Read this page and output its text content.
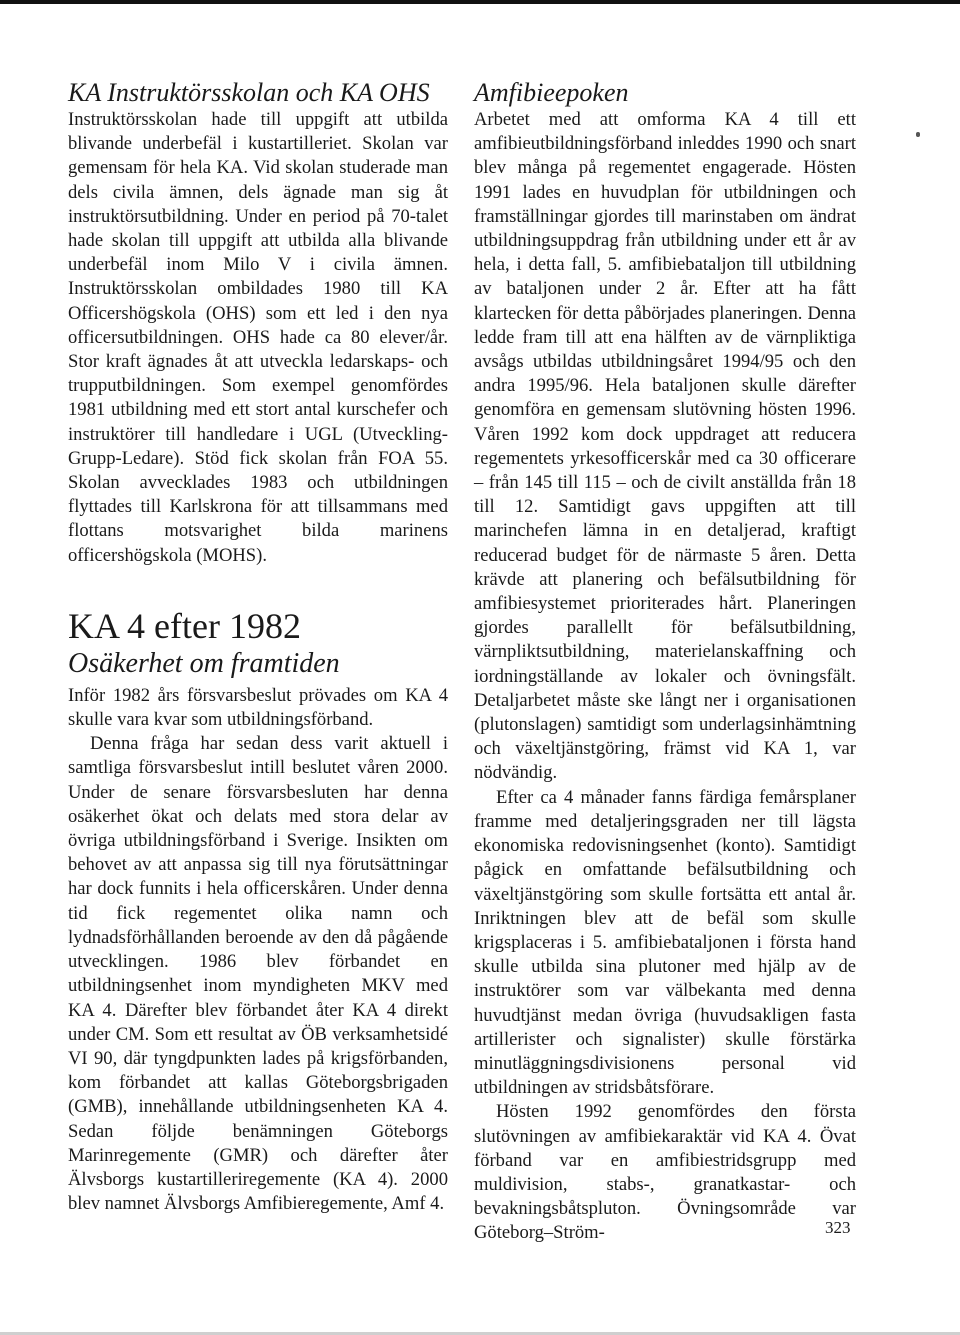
KA Instruktörsskolan och KA OHS

Instruktörsskolan hade till uppgift att utbilda blivande underbefäl i kustartilleriet. Skolan var gemensam för hela KA. Vid skolan studerade man dels civila ämnen, dels ägnade man sig åt instruktörsutbildning. Under en period på 70-talet hade skolan till uppgift att utbilda alla blivande underbefäl inom Milo V i civila ämnen. Instruktörsskolan ombildades 1980 till KA Officershögskola (OHS) som ett led i den nya officersutbildningen. OHS hade ca 80 elever/år. Stor kraft ägnades åt att utveckla ledarskaps- och trupputbildningen. Som exempel genomfördes 1981 utbildning med ett stort antal kurschefer och instruktörer till handledare i UGL (Utveckling-Grupp-Ledare). Stöd fick skolan från FOA 55. Skolan avvecklades 1983 och utbildningen flyttades till Karlskrona för att tillsammans med flottans motsvarighet bilda marinens officershögskola (MOHS).

KA 4 efter 1982
Osäkerhet om framtiden

Inför 1982 års försvarsbeslut prövades om KA 4 skulle vara kvar som utbildningsförband.

Denna fråga har sedan dess varit aktuell i samtliga försvarsbeslut intill beslutet våren 2000. Under de senare försvarsbesluten har denna osäkerhet ökat och delats med stora delar av övriga utbildningsförband i Sverige. Insikten om behovet av att anpassa sig till nya förutsättningar har dock funnits i hela officerskåren. Under denna tid fick regementet olika namn och lydnadsförhållanden beroende av den då pågående utvecklingen. 1986 blev förbandet en utbildningsenhet inom myndigheten MKV med KA 4. Därefter blev förbandet åter KA 4 direkt under CM. Som ett resultat av ÖB verksamhetsidé VI 90, där tyngdpunkten lades på krigsförbanden, kom förbandet att kallas Göteborgsbrigaden (GMB), innehållande utbildningsenheten KA 4. Sedan följde benämningen Göteborgs Marinregemente (GMR) och därefter åter Älvsborgs kustartilleriregemente (KA 4). 2000 blev namnet Älvsborgs Amfibieregemente, Amf 4.

Amfibieepoken

Arbetet med att omforma KA 4 till ett amfibieutbildningsförband inleddes 1990 och snart blev många på regementet engagerade. Hösten 1991 lades en huvudplan för utbildningen och framställningar gjordes till marinstaben om ändrat utbildningsuppdrag från utbildning under ett år av hela, i detta fall, 5. amfibiebataljon till utbildning av bataljonen under 2 år. Efter att ha fått klartecken för detta påbörjades planeringen. Denna ledde fram till att ena hälften av de värnpliktiga avsågs utbildas utbildningsåret 1994/95 och den andra 1995/96. Hela bataljonen skulle därefter genomföra en gemensam slutövning hösten 1996. Våren 1992 kom dock uppdraget att reducera regementets yrkesofficerskår med ca 30 officerare – från 145 till 115 – och de civilt anställda från 18 till 12. Samtidigt gavs uppgiften att till marinchefen lämna in en detaljerad, kraftigt reducerad budget för de närmaste 5 åren. Detta krävde att planering och befälsutbildning för amfibiesystemet prioriterades hårt. Planeringen gjordes parallellt för befälsutbildning, värnpliktsutbildning, materielanskaffning och iordningställande av lokaler och övningsfält. Detaljarbetet måste ske långt ner i organisationen (plutonslagen) samtidigt som underlagsinhämtning och växeltjänstgöring, främst vid KA 1, var nödvändig.

Efter ca 4 månader fanns färdiga femårsplaner framme med detaljeringsgraden ner till lägsta ekonomiska redovisningsenhet (konto). Samtidigt pågick en omfattande befälsutbildning och växeltjänstgöring som skulle fortsätta ett antal år. Inriktningen blev att de befäl som skulle krigsplaceras i 5. amfibiebataljonen i första hand skulle utbilda sina plutoner med hjälp av de instruktörer som var välbekanta med denna huvudtjänst medan övriga (huvudsakligen fasta artillerister och signalister) skulle förstärka minutläggningsdivisionens personal vid utbildningen av stridsbåtsförare.

Hösten 1992 genomfördes den första slutövningen av amfibiekaraktär vid KA 4. Övat förband var en amfibiestridsgrupp med muldivision, stabs-, granatkastar- och bevakningsbåtspluton. Övningsområde var Göteborg–Ström-	323
